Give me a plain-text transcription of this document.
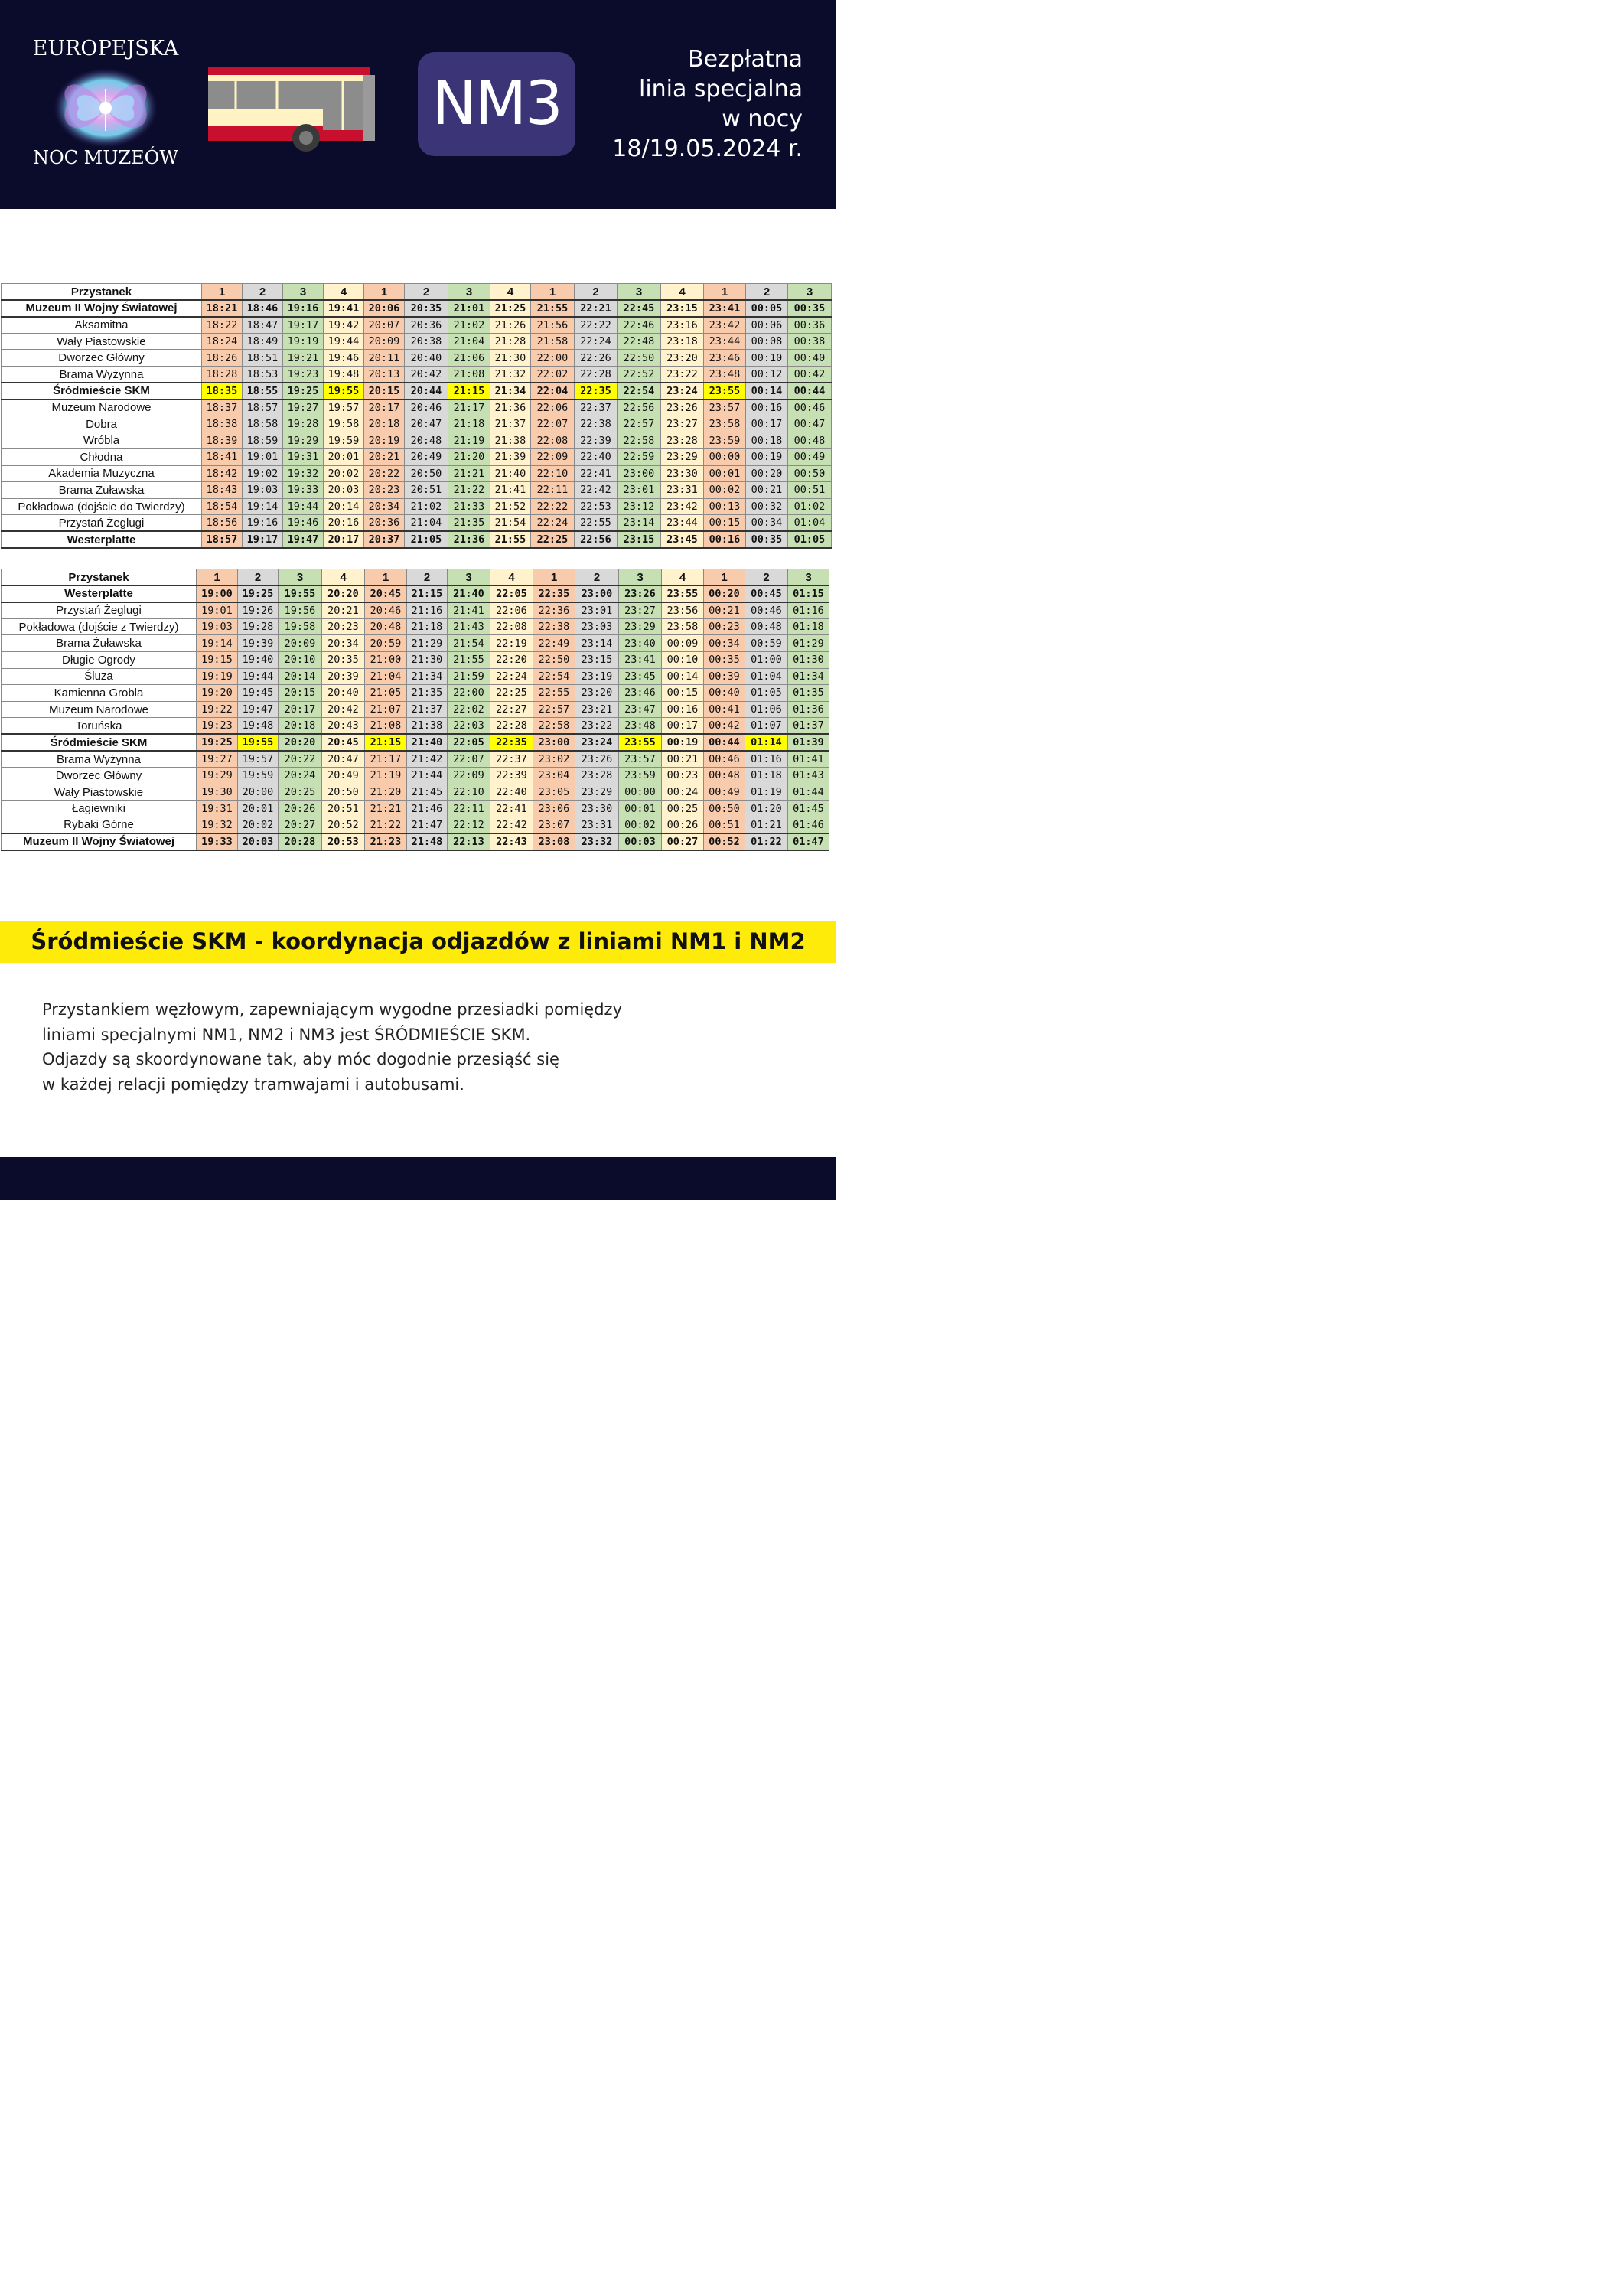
EUROPEJSKA
NOC MUZEÓW
NM3
Bezpłatna
linia specjalna
w nocy
18/19.05.2024 r.
Przystanek	1	2	3	4	1	2	3	4	1	2	3	4	1	2	3
Muzeum II Wojny Światowej	18:21	18:46	19:16	19:41	20:06	20:35	21:01	21:25	21:55	22:21	22:45	23:15	23:41	00:05	00:35
Aksamitna	18:22	18:47	19:17	19:42	20:07	20:36	21:02	21:26	21:56	22:22	22:46	23:16	23:42	00:06	00:36
Wały Piastowskie	18:24	18:49	19:19	19:44	20:09	20:38	21:04	21:28	21:58	22:24	22:48	23:18	23:44	00:08	00:38
Dworzec Główny	18:26	18:51	19:21	19:46	20:11	20:40	21:06	21:30	22:00	22:26	22:50	23:20	23:46	00:10	00:40
Brama Wyżynna	18:28	18:53	19:23	19:48	20:13	20:42	21:08	21:32	22:02	22:28	22:52	23:22	23:48	00:12	00:42
Śródmieście SKM	18:35	18:55	19:25	19:55	20:15	20:44	21:15	21:34	22:04	22:35	22:54	23:24	23:55	00:14	00:44
Muzeum Narodowe	18:37	18:57	19:27	19:57	20:17	20:46	21:17	21:36	22:06	22:37	22:56	23:26	23:57	00:16	00:46
Dobra	18:38	18:58	19:28	19:58	20:18	20:47	21:18	21:37	22:07	22:38	22:57	23:27	23:58	00:17	00:47
Wróbla	18:39	18:59	19:29	19:59	20:19	20:48	21:19	21:38	22:08	22:39	22:58	23:28	23:59	00:18	00:48
Chłodna	18:41	19:01	19:31	20:01	20:21	20:49	21:20	21:39	22:09	22:40	22:59	23:29	00:00	00:19	00:49
Akademia Muzyczna	18:42	19:02	19:32	20:02	20:22	20:50	21:21	21:40	22:10	22:41	23:00	23:30	00:01	00:20	00:50
Brama Żuławska	18:43	19:03	19:33	20:03	20:23	20:51	21:22	21:41	22:11	22:42	23:01	23:31	00:02	00:21	00:51
Pokładowa (dojście do Twierdzy)	18:54	19:14	19:44	20:14	20:34	21:02	21:33	21:52	22:22	22:53	23:12	23:42	00:13	00:32	01:02
Przystań Żeglugi	18:56	19:16	19:46	20:16	20:36	21:04	21:35	21:54	22:24	22:55	23:14	23:44	00:15	00:34	01:04
Westerplatte	18:57	19:17	19:47	20:17	20:37	21:05	21:36	21:55	22:25	22:56	23:15	23:45	00:16	00:35	01:05
Przystanek	1	2	3	4	1	2	3	4	1	2	3	4	1	2	3
Westerplatte	19:00	19:25	19:55	20:20	20:45	21:15	21:40	22:05	22:35	23:00	23:26	23:55	00:20	00:45	01:15
Przystań Żeglugi	19:01	19:26	19:56	20:21	20:46	21:16	21:41	22:06	22:36	23:01	23:27	23:56	00:21	00:46	01:16
Pokładowa (dojście z Twierdzy)	19:03	19:28	19:58	20:23	20:48	21:18	21:43	22:08	22:38	23:03	23:29	23:58	00:23	00:48	01:18
Brama Żuławska	19:14	19:39	20:09	20:34	20:59	21:29	21:54	22:19	22:49	23:14	23:40	00:09	00:34	00:59	01:29
Długie Ogrody	19:15	19:40	20:10	20:35	21:00	21:30	21:55	22:20	22:50	23:15	23:41	00:10	00:35	01:00	01:30
Śluza	19:19	19:44	20:14	20:39	21:04	21:34	21:59	22:24	22:54	23:19	23:45	00:14	00:39	01:04	01:34
Kamienna Grobla	19:20	19:45	20:15	20:40	21:05	21:35	22:00	22:25	22:55	23:20	23:46	00:15	00:40	01:05	01:35
Muzeum Narodowe	19:22	19:47	20:17	20:42	21:07	21:37	22:02	22:27	22:57	23:21	23:47	00:16	00:41	01:06	01:36
Toruńska	19:23	19:48	20:18	20:43	21:08	21:38	22:03	22:28	22:58	23:22	23:48	00:17	00:42	01:07	01:37
Śródmieście SKM	19:25	19:55	20:20	20:45	21:15	21:40	22:05	22:35	23:00	23:24	23:55	00:19	00:44	01:14	01:39
Brama Wyżynna	19:27	19:57	20:22	20:47	21:17	21:42	22:07	22:37	23:02	23:26	23:57	00:21	00:46	01:16	01:41
Dworzec Główny	19:29	19:59	20:24	20:49	21:19	21:44	22:09	22:39	23:04	23:28	23:59	00:23	00:48	01:18	01:43
Wały Piastowskie	19:30	20:00	20:25	20:50	21:20	21:45	22:10	22:40	23:05	23:29	00:00	00:24	00:49	01:19	01:44
Łagiewniki	19:31	20:01	20:26	20:51	21:21	21:46	22:11	22:41	23:06	23:30	00:01	00:25	00:50	01:20	01:45
Rybaki Górne	19:32	20:02	20:27	20:52	21:22	21:47	22:12	22:42	23:07	23:31	00:02	00:26	00:51	01:21	01:46
Muzeum II Wojny Światowej	19:33	20:03	20:28	20:53	21:23	21:48	22:13	22:43	23:08	23:32	00:03	00:27	00:52	01:22	01:47
Śródmieście SKM - koordynacja odjazdów z liniami NM1 i NM2
Przystankiem węzłowym, zapewniającym wygodne przesiadki pomiędzy
liniami specjalnymi NM1, NM2 i NM3 jest ŚRÓDMIEŚCIE SKM.
Odjazdy są skoordynowane tak, aby móc dogodnie przesiąść się
w każdej relacji pomiędzy tramwajami i autobusami.
